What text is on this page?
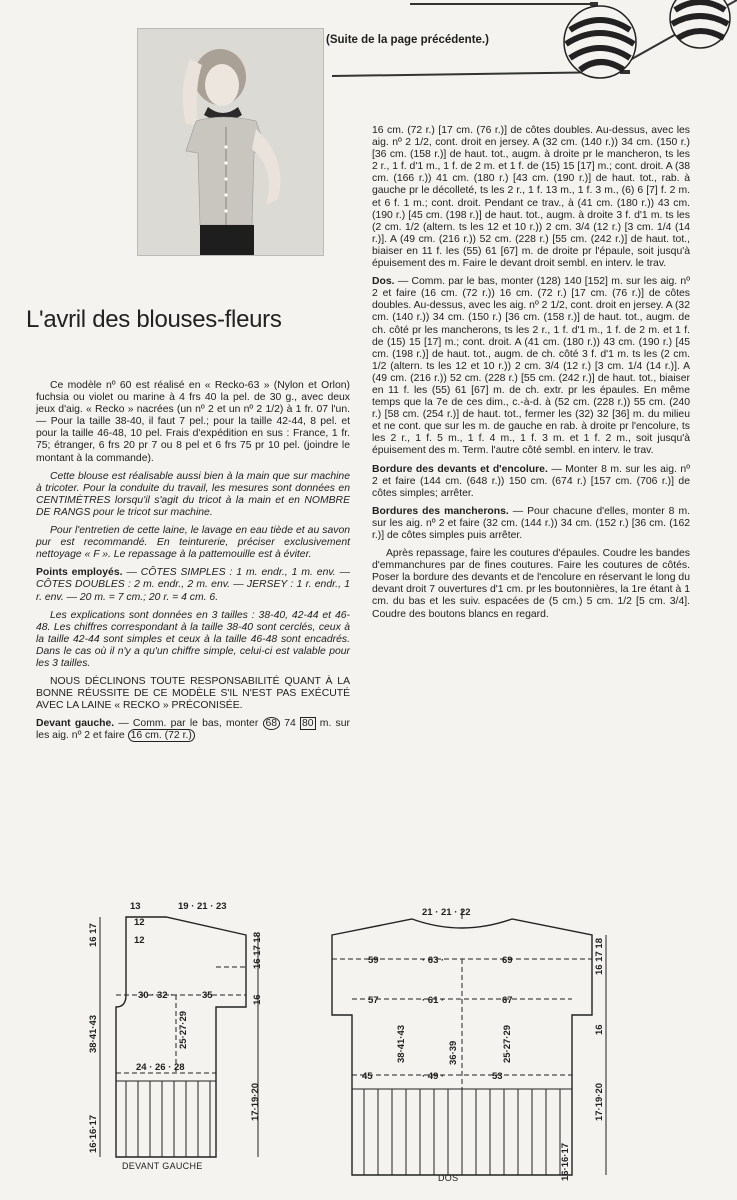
(Suite de la page précédente.)
L'avril des blouses-fleurs

Ce modèle nº 60 est réalisé en « Recko-63 » (Nylon et Orlon) fuchsia ou violet ou marine à 4 frs 40 la pel. de 30 g., avec deux jeux d'aig. « Recko » nacrées (un nº 2 et un nº 2 1/2) à 1 fr. 07 l'un. — Pour la taille 38-40, il faut 7 pel.; pour la taille 42-44, 8 pel. et pour la taille 46-48, 10 pel. Frais d'expédition en sus : France, 1 fr. 75; étranger, 6 frs 20 pr 7 ou 8 pel et 6 frs 75 pr 10 pel. (joindre le montant à la commande).

Cette blouse est réalisable aussi bien à la main que sur machine à tricoter. Pour la conduite du travail, les mesures sont données en CENTIMÈTRES lorsqu'il s'agit du tricot à la main et en NOMBRE DE RANGS pour le tricot sur machine.

Pour l'entretien de cette laine, le lavage en eau tiède et au savon pur est recommandé. En teinturerie, préciser exclusivement nettoyage « F ». Le repassage à la pattemouille est à éviter.

Points employés. — CÔTES SIMPLES : 1 m. endr., 1 m. env. — CÔTES DOUBLES : 2 m. endr., 2 m. env. — JERSEY : 1 r. endr., 1 r. env. — 20 m. = 7 cm.; 20 r. = 4 cm. 6.

Les explications sont données en 3 tailles : 38-40, 42-44 et 46-48. Les chiffres correspondant à la taille 38-40 sont cerclés, ceux à la taille 42-44 sont simples et ceux à la taille 46-48 sont encadrés. Dans le cas où il n'y a qu'un chiffre simple, celui-ci est valable pour les 3 tailles.

NOUS DÉCLINONS TOUTE RESPONSABILITÉ QUANT À LA BONNE RÉUSSITE DE CE MODÈLE S'IL N'EST PAS EXÉCUTÉ AVEC LA LAINE « RECKO » PRÉCONISÉE.

Devant gauche. — Comm. par le bas, monter 68 74 80 m. sur les aig. nº 2 et faire 16 cm. (72 r.)

16 cm. (72 r.) [17 cm. (76 r.)] de côtes doubles. Au-dessus, avec les aig. nº 2 1/2, cont. droit en jersey. A (32 cm. (140 r.)) 34 cm. (150 r.) [36 cm. (158 r.)] de haut. tot., augm. à droite pr le mancheron, ts les 2 r., 1 f. d'1 m., 1 f. de 2 m. et 1 f. de (15) 15 [17] m.; cont. droit. A (38 cm. (166 r.)) 41 cm. (180 r.) [43 cm. (190 r.)] de haut. tot., rab. à gauche pr le décolleté, ts les 2 r., 1 f. 13 m., 1 f. 3 m., (6) 6 [7] f. 2 m. et 6 f. 1 m.; cont. droit. Pendant ce trav., à (41 cm. (180 r.)) 43 cm. (190 r.) [45 cm. (198 r.)] de haut. tot., augm. à droite 3 f. d'1 m. ts les (2 cm. 1/2 (altern. ts les 12 et 10 r.)) 2 cm. 3/4 (12 r.) [3 cm. 1/4 (14 r.)]. A (49 cm. (216 r.)) 52 cm. (228 r.) [55 cm. (242 r.)] de haut. tot., biaiser en 11 f. les (55) 61 [67] m. de droite pr l'épaule, soit jusqu'à épuisement des m. Faire le devant droit sembl. en interv. le trav.

Dos. — Comm. par le bas, monter (128) 140 [152] m. sur les aig. nº 2 et faire (16 cm. (72 r.)) 16 cm. (72 r.) [17 cm. (76 r.)] de côtes doubles. Au-dessus, avec les aig. nº 2 1/2, cont. droit en jersey. A (32 cm. (140 r.)) 34 cm. (150 r.) [36 cm. (158 r.)] de haut. tot., augm. de ch. côté pr les mancherons, ts les 2 r., 1 f. d'1 m., 1 f. de 2 m. et 1 f. de (15) 15 [17] m.; cont. droit. A (41 cm. (180 r.)) 43 cm. (190 r.) [45 cm. (198 r.)] de haut. tot., augm. de ch. côté 3 f. d'1 m. ts les (2 cm. 1/2 (altern. ts les 12 et 10 r.)) 2 cm. 3/4 (12 r.) [3 cm. 1/4 (14 r.)]. A (49 cm. (216 r.)) 52 cm. (228 r.) [55 cm. (242 r.)] de haut. tot., biaiser en 11 f. les (55) 61 [67] m. de ch. extr. pr les épaules. En même temps que la 7e de ces dim., c.-à-d. à (52 cm. (228 r.)) 55 cm. (240 r.) [58 cm. (254 r.)] de haut. tot., fermer les (32) 32 [36] m. du milieu et ne cont. que sur les m. de gauche en rab. à droite pr l'encolure, ts les 2 r., 1 f. 5 m., 1 f. 4 m., 1 f. 3 m. et 1 f. 2 m., soit jusqu'à épuisement des m. Term. l'autre côté sembl. en interv. le trav.

Bordure des devants et d'encolure. — Monter 8 m. sur les aig. nº 2 et faire (144 cm. (648 r.)) 150 cm. (674 r.) [157 cm. (706 r.)] de côtes simples; arrêter.

Bordures des mancherons. — Pour chacune d'elles, monter 8 m. sur les aig. nº 2 et faire (32 cm. (144 r.)) 34 cm. (152 r.) [36 cm. (162 r.)] de côtes simples puis arrêter.

Après repassage, faire les coutures d'épaules. Coudre les bandes d'emmanchures par de fines coutures. Faire les coutures de côtés. Poser la bordure des devants et de l'encolure en réservant le long du devant droit 7 ouvertures d'1 cm. pr les boutonnières, la 1re étant à 1 cm. du bas et les suiv. espacées de (5 cm.) 5 cm. 1/2 [5 cm. 3/4]. Coudre des boutons blancs en regard.

13
12
12
19 · 21 · 23
30 · 32 ·	35
16 17	16 17 18
16
38·41·43	25·27·29
24 · 26 · 28
17·19·20
16·16·17
DEVANT GAUCHE
21 · 21 · 22
59	· 63 ·	69
57	· 61 ·	67
16 17 18
16
38·41·43	36·39	25·27·29
45	· 49 ·	53
17·19·20
16·16·17
DOS
